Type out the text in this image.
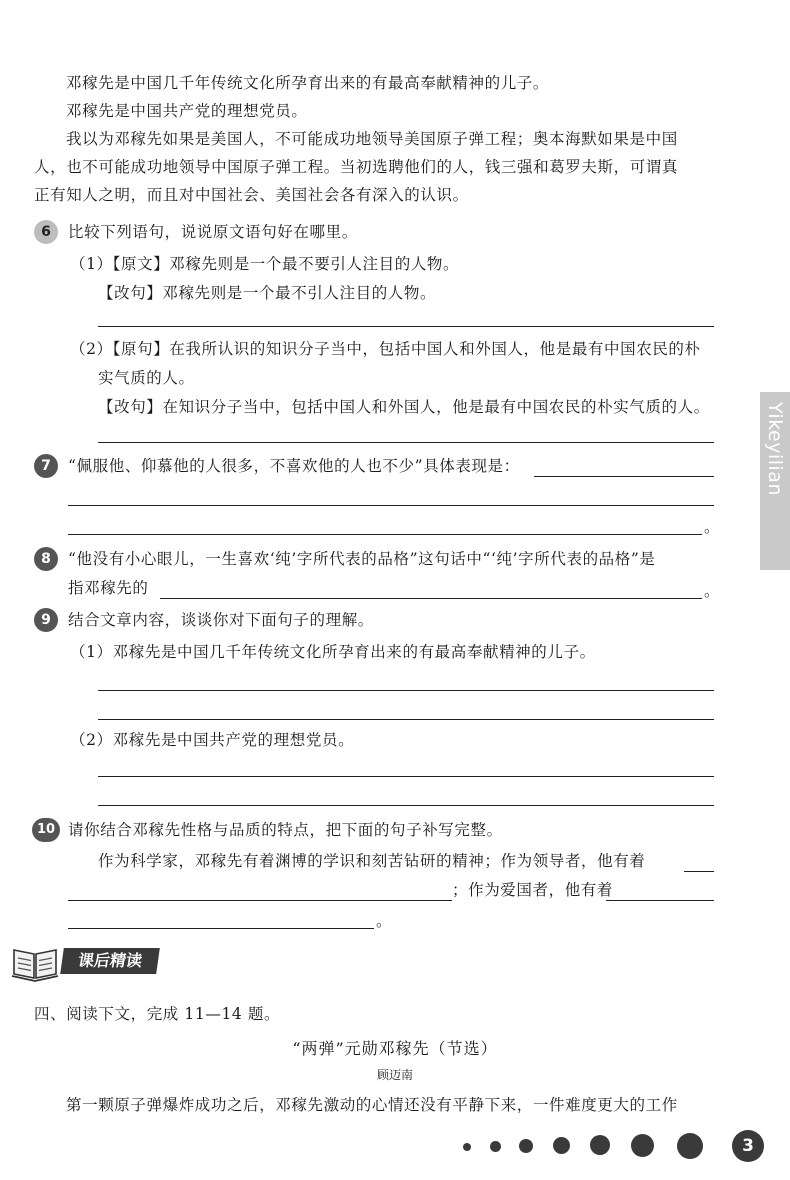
邓稼先是中国几千年传统文化所孕育出来的有最高奉献精神的儿子。
邓稼先是中国共产党的理想党员。
我以为邓稼先如果是美国人，不可能成功地领导美国原子弹工程；奥本海默如果是中国
人，也不可能成功地领导中国原子弹工程。当初选聘他们的人，钱三强和葛罗夫斯，可谓真
正有知人之明，而且对中国社会、美国社会各有深入的认识。
6	比较下列语句，说说原文语句好在哪里。
（1）【原文】邓稼先则是一个最不要引人注目的人物。
【改句】邓稼先则是一个最不引人注目的人物。
（2）【原句】在我所认识的知识分子当中，包括中国人和外国人，他是最有中国农民的朴
实气质的人。
【改句】在知识分子当中，包括中国人和外国人，他是最有中国农民的朴实气质的人。
7	“佩服他、仰慕他的人很多，不喜欢他的人也不少”具体表现是：
。
8	“他没有小心眼儿，一生喜欢‘纯’字所代表的品格”这句话中“‘纯’字所代表的品格”是
指邓稼先的	。
9	结合文章内容，谈谈你对下面句子的理解。
（1）邓稼先是中国几千年传统文化所孕育出来的有最高奉献精神的儿子。
（2）邓稼先是中国共产党的理想党员。
10 请你结合邓稼先性格与品质的特点，把下面的句子补写完整。
作为科学家，邓稼先有着渊博的学识和刻苦钻研的精神；作为领导者，他有着
；作为爱国者，他有着
。
课后精读
四、阅读下文，完成 11—14 题。
“两弹”元勋邓稼先（节选）
顾迈南
第一颗原子弹爆炸成功之后，邓稼先激动的心情还没有平静下来，一件难度更大的工作
Yikeyilian
3
